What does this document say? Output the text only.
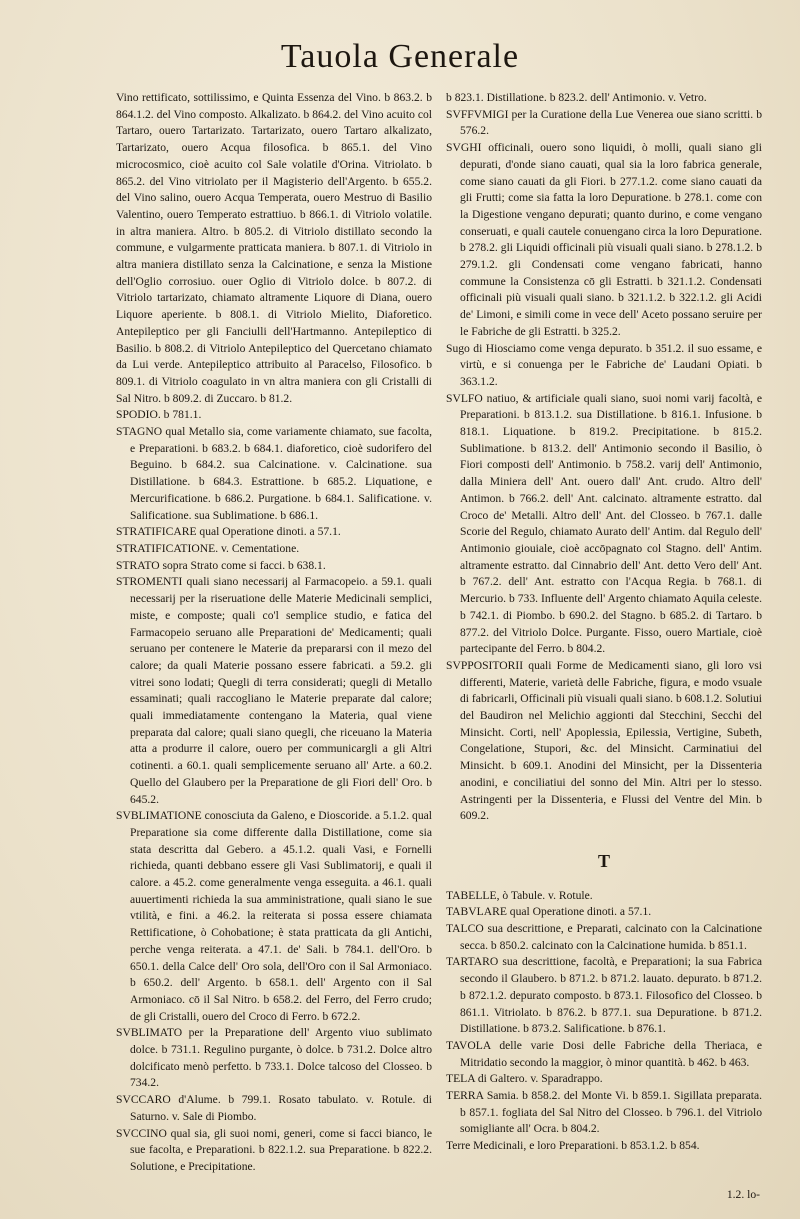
Tauola Generale

Vino rettificato, sottilissimo, e Quinta Essenza del Vino. b 863.2. b 864.1.2. del Vino composto. Alkalizato. b 864.2. del Vino acuito col Tartaro, ouero Tartarizato. Tartarizato, ouero Tartaro alkalizato, Tartarizato, ouero Acqua filosofica. b 865.1. del Vino microcosmico, cioè acuito col Sale volatile d'Orina. Vitriolato. b 865.2. del Vino vitriolato per il Magisterio dell'Argento. b 655.2. del Vino salino, ouero Acqua Temperata, ouero Mestruo di Basilio Valentino, ouero Temperato estrattiuo. b 866.1. di Vitriolo volatile. in altra maniera. Altro. b 805.2. di Vitriolo distillato secondo la commune, e vulgarmente pratticata maniera. b 807.1. di Vitriolo in altra maniera distillato senza la Calcinatione, e senza la Mistione dell'Oglio corrosiuo. ouer Oglio di Vitriolo dolce. b 807.2. di Vitriolo tartarizato, chiamato altramente Liquore di Diana, ouero Liquore aperiente. b 808.1. di Vitriolo Mielito, Diaforetico. Antepileptico per gli Fanciulli dell'Hartmanno. Antepileptico di Basilio. b 808.2. di Vitriolo Antepileptico del Quercetano chiamato da Lui verde. Antepileptico attribuito al Paracelso, Filosofico. b 809.1. di Vitriolo coagulato in vn altra maniera con gli Cristalli di Sal Nitro. b 809.2. di Zuccaro. b 81.2.

SPODIO. b 781.1.

STAGNO qual Metallo sia, come variamente chiamato, sue facolta, e Preparationi. b 683.2. b 684.1. diaforetico, cioè sudorifero del Beguino. b 684.2. sua Calcinatione. v. Calcinatione. sua Distillatione. b 684.3. Estrattione. b 685.2. Liquatione, e Mercurificatione. b 686.2. Purgatione. b 684.1. Salificatione. v. Salificatione. sua Sublimatione. b 686.1.

STRATIFICARE qual Operatione dinoti. a 57.1.

STRATIFICATIONE. v. Cementatione.

STRATO sopra Strato come si facci. b 638.1.

STROMENTI quali siano necessarij al Farmacopeio. a 59.1. quali necessarij per la riseruatione delle Materie Medicinali semplici, miste, e composte; quali co'l semplice studio, e fatica del Farmacopeio seruano alle Preparationi de' Medicamenti; quali seruano per contenere le Materie da prepararsi con il mezo del calore; da quali Materie possano essere fabricati. a 59.2. gli vitrei sono lodati; Quegli di terra considerati; quegli di Metallo essaminati; quali raccogliano le Materie preparate dal calore; quali immediatamente contengano la Materia, qual viene preparata dal calore; quali siano quegli, che riceuano la Materia atta a produrre il calore, ouero per communicargli a gli Altri cotinenti. a 60.1. quali semplicemente seruano all' Arte. a 60.2. Quello del Glaubero per la Preparatione de gli Fiori dell' Oro. b 645.2.

SVBLIMATIONE conosciuta da Galeno, e Dioscoride. a 5.1.2. qual Preparatione sia come differente dalla Distillatione, come sia stata descritta dal Gebero. a 45.1.2. quali Vasi, e Fornelli richieda, quanti debbano essere gli Vasi Sublimatorij, e quali il calore. a 45.2. come generalmente venga esseguita. a 46.1. quali auuertimenti richieda la sua amministratione, quali siano le sue vtilità, e fini. a 46.2. la reiterata si possa essere chiamata Rettificatione, ò Cohobatione; è stata pratticata da gli Antichi, perche venga reiterata. a 47.1. de' Sali. b 784.1. dell'Oro. b 650.1. della Calce dell' Oro sola, dell'Oro con il Sal Armoniaco. b 650.2. dell' Argento. b 658.1. dell' Argento con il Sal Armoniaco. cō il Sal Nitro. b 658.2. del Ferro, del Ferro crudo; de gli Cristalli, ouero del Croco di Ferro. b 672.2.

SVBLIMATO per la Preparatione dell' Argento viuo sublimato dolce. b 731.1. Regulino purgante, ò dolce. b 731.2. Dolce altro dolcificato menò perfetto. b 733.1. Dolce talcoso del Closseo. b 734.2.

SVCCARO d'Alume. b 799.1. Rosato tabulato. v. Rotule. di Saturno. v. Sale di Piombo.

SVCCINO qual sia, gli suoi nomi, generi, come si facci bianco, le sue facolta, e Preparationi. b 822.1.2. sua Preparatione. b 822.2. Solutione, e Precipitatione.

b 823.1. Distillatione. b 823.2. dell' Antimonio. v. Vetro.

SVFFVMIGI per la Curatione della Lue Venerea oue siano scritti. b 576.2.

SVGHI officinali, ouero sono liquidi, ò molli, quali siano gli depurati, d'onde siano cauati, qual sia la loro fabrica generale, come siano cauati da gli Fiori. b 277.1.2. come siano cauati da gli Frutti; come sia fatta la loro Depuratione. b 278.1. come con la Digestione vengano depurati; quanto durino, e come vengano conseruati, e quali cautele conuengano circa la loro Depuratione. b 278.2. gli Liquidi officinali più visuali quali siano. b 278.1.2. b 279.1.2. gli Condensati come vengano fabricati, hanno commune la Consistenza cō gli Estratti. b 321.1.2. Condensati officinali più visuali quali siano. b 321.1.2. b 322.1.2. gli Acidi de' Limoni, e simili come in vece dell' Aceto possano seruire per le Fabriche de gli Estratti. b 325.2.

Sugo di Hiosciamo come venga depurato. b 351.2. il suo essame, e virtù, e si conuenga per le Fabriche de' Laudani Opiati. b 363.1.2.

SVLFO natiuo, & artificiale quali siano, suoi nomi varij facoltà, e Preparationi. b 813.1.2. sua Distillatione. b 816.1. Infusione. b 818.1. Liquatione. b 819.2. Precipitatione. b 815.2. Sublimatione. b 813.2. dell' Antimonio secondo il Basilio, ò Fiori composti dell' Antimonio. b 758.2. varij dell' Antimonio, dalla Miniera dell' Ant. ouero dall' Ant. crudo. Altro dell' Antimon. b 766.2. dell' Ant. calcinato. altramente estratto. dal Croco de' Metalli. Altro dell' Ant. del Closseo. b 767.1. dalle Scorie del Regulo, chiamato Aurato dell' Antim. dal Regulo dell' Antimonio giouiale, cioè accōpagnato col Stagno. dell' Antim. altramente estratto. dal Cinnabrio dell' Ant. detto Vero dell' Ant. b 767.2. dell' Ant. estratto con l'Acqua Regia. b 768.1. di Mercurio. b 733. Influente dell' Argento chiamato Aquila celeste. b 742.1. di Piombo. b 690.2. del Stagno. b 685.2. di Tartaro. b 877.2. del Vitriolo Dolce. Purgante. Fisso, ouero Martiale, cioè partecipante del Ferro. b 804.2.

SVPPOSITORII quali Forme de Medicamenti siano, gli loro vsi differenti, Materie, varietà delle Fabriche, figura, e modo vsuale di fabricarli, Officinali più visuali quali siano. b 608.1.2. Solutiui del Baudiron nel Melichio aggionti dal Stecchini, Secchi del Minsicht. Corti, nell' Apoplessia, Epilessia, Vertigine, Subeth, Congelatione, Stupori, &c. del Minsicht. Carminatiui del Minsicht. b 609.1. Anodini del Minsicht, per la Dissenteria anodini, e conciliatiui del sonno del Min. Altri per lo stesso. Astringenti per la Dissenteria, e Flussi del Ventre del Min. b 609.2.

T

TABELLE, ò Tabule. v. Rotule.

TABVLARE qual Operatione dinoti. a 57.1.

TALCO sua descrittione, e Preparati, calcinato con la Calcinatione secca. b 850.2. calcinato con la Calcinatione humida. b 851.1.

TARTARO sua descrittione, facoltà, e Preparationi; la sua Fabrica secondo il Glaubero. b 871.2. b 871.2. lauato. depurato. b 871.2. b 872.1.2. depurato composto. b 873.1. Filosofico del Closseo. b 861.1. Vitriolato. b 876.2. b 877.1. sua Depuratione. b 871.2. Distillatione. b 873.2. Salificatione. b 876.1.

TAVOLA delle varie Dosi delle Fabriche della Theriaca, e Mitridatio secondo la maggior, ò minor quantità. b 462. b 463.

TELA di Galtero. v. Sparadrappo.

TERRA Samia. b 858.2. del Monte Vi. b 859.1. Sigillata preparata. b 857.1. fogliata del Sal Nitro del Closseo. b 796.1. del Vitriolo somigliante all' Ocra. b 804.2.

Terre Medicinali, e loro Preparationi. b 853.1.2. b 854.

1.2. lo-
